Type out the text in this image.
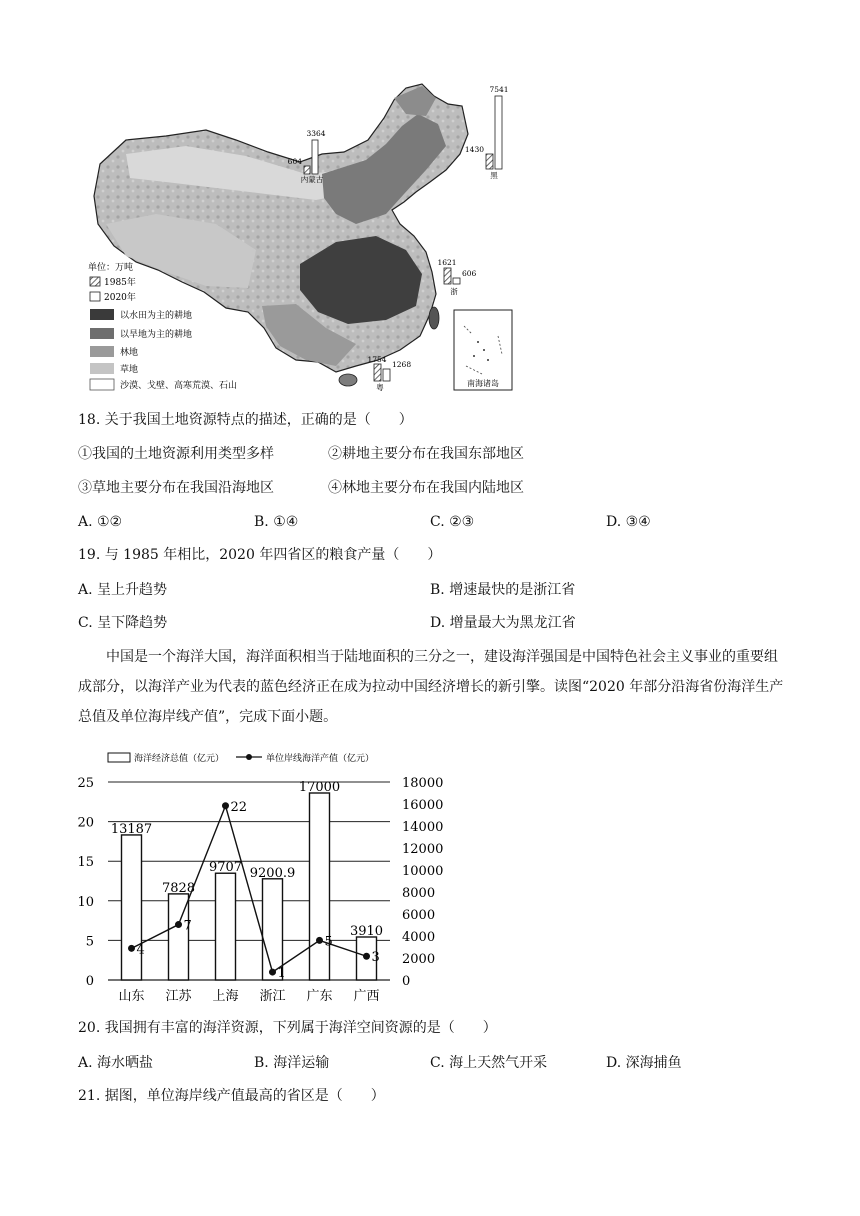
南海诸岛
604
3364
内蒙古
1430
7541
黑
1621
606
浙
1754
1268
粤
单位：万吨
1985年
2020年
以水田为主的耕地
以旱地为主的耕地
林地
草地
沙漠、戈壁、高寒荒漠、石山
18. 关于我国土地资源特点的描述，正确的是（　　）
①我国的土地资源利用类型多样	②耕地主要分布在我国东部地区
③草地主要分布在我国沿海地区	④林地主要分布在我国内陆地区
A. ①②	B. ①④	C. ②③	D. ③④
19. 与 1985 年相比，2020 年四省区的粮食产量（　　）
A. 呈上升趋势	B. 增速最快的是浙江省
C. 呈下降趋势	D. 增量最大为黑龙江省
中国是一个海洋大国，海洋面积相当于陆地面积的三分之一，建设海洋强国是中国特色社会主义事业的重要组成部分，以海洋产业为代表的蓝色经济正在成为拉动中国经济增长的新引擎。读图“2020 年部分沿海省份海洋生产总值及单位海岸线产值”，完成下面小题。
海洋经济总值（亿元）	单位岸线海洋产值（亿元）
0
5
10
15
20
25
0
2000
4000
6000
8000
10000
12000
14000
16000
18000
13187
7828
9707 9200.9
17000
3910
4
7
22
1
5
3
山东 江苏 上海 浙江 广东 广西
20. 我国拥有丰富的海洋资源，下列属于海洋空间资源的是（　　）
A. 海水晒盐	B. 海洋运输	C. 海上天然气开采	D. 深海捕鱼
21. 据图，单位海岸线产值最高的省区是（　　）
